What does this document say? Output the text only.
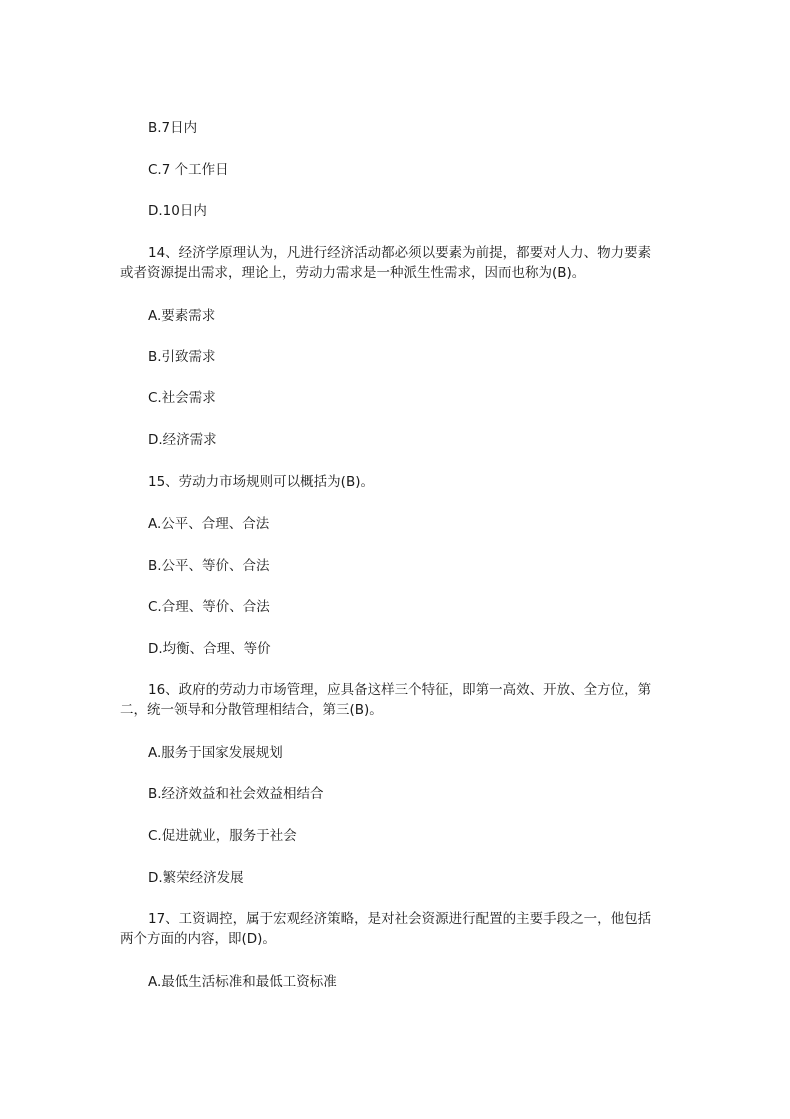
B.7日内
C.7 个工作日
D.10日内
14、经济学原理认为，凡进行经济活动都必须以要素为前提，都要对人力、物力要素
或者资源提出需求，理论上，劳动力需求是一种派生性需求，因而也称为(B)。
A.要素需求
B.引致需求
C.社会需求
D.经济需求
15、劳动力市场规则可以概括为(B)。
A.公平、合理、合法
B.公平、等价、合法
C.合理、等价、合法
D.均衡、合理、等价
16、政府的劳动力市场管理，应具备这样三个特征，即第一高效、开放、全方位，第
二，统一领导和分散管理相结合，第三(B)。
A.服务于国家发展规划
B.经济效益和社会效益相结合
C.促进就业，服务于社会
D.繁荣经济发展
17、工资调控，属于宏观经济策略，是对社会资源进行配置的主要手段之一，他包括
两个方面的内容，即(D)。
A.最低生活标准和最低工资标准
